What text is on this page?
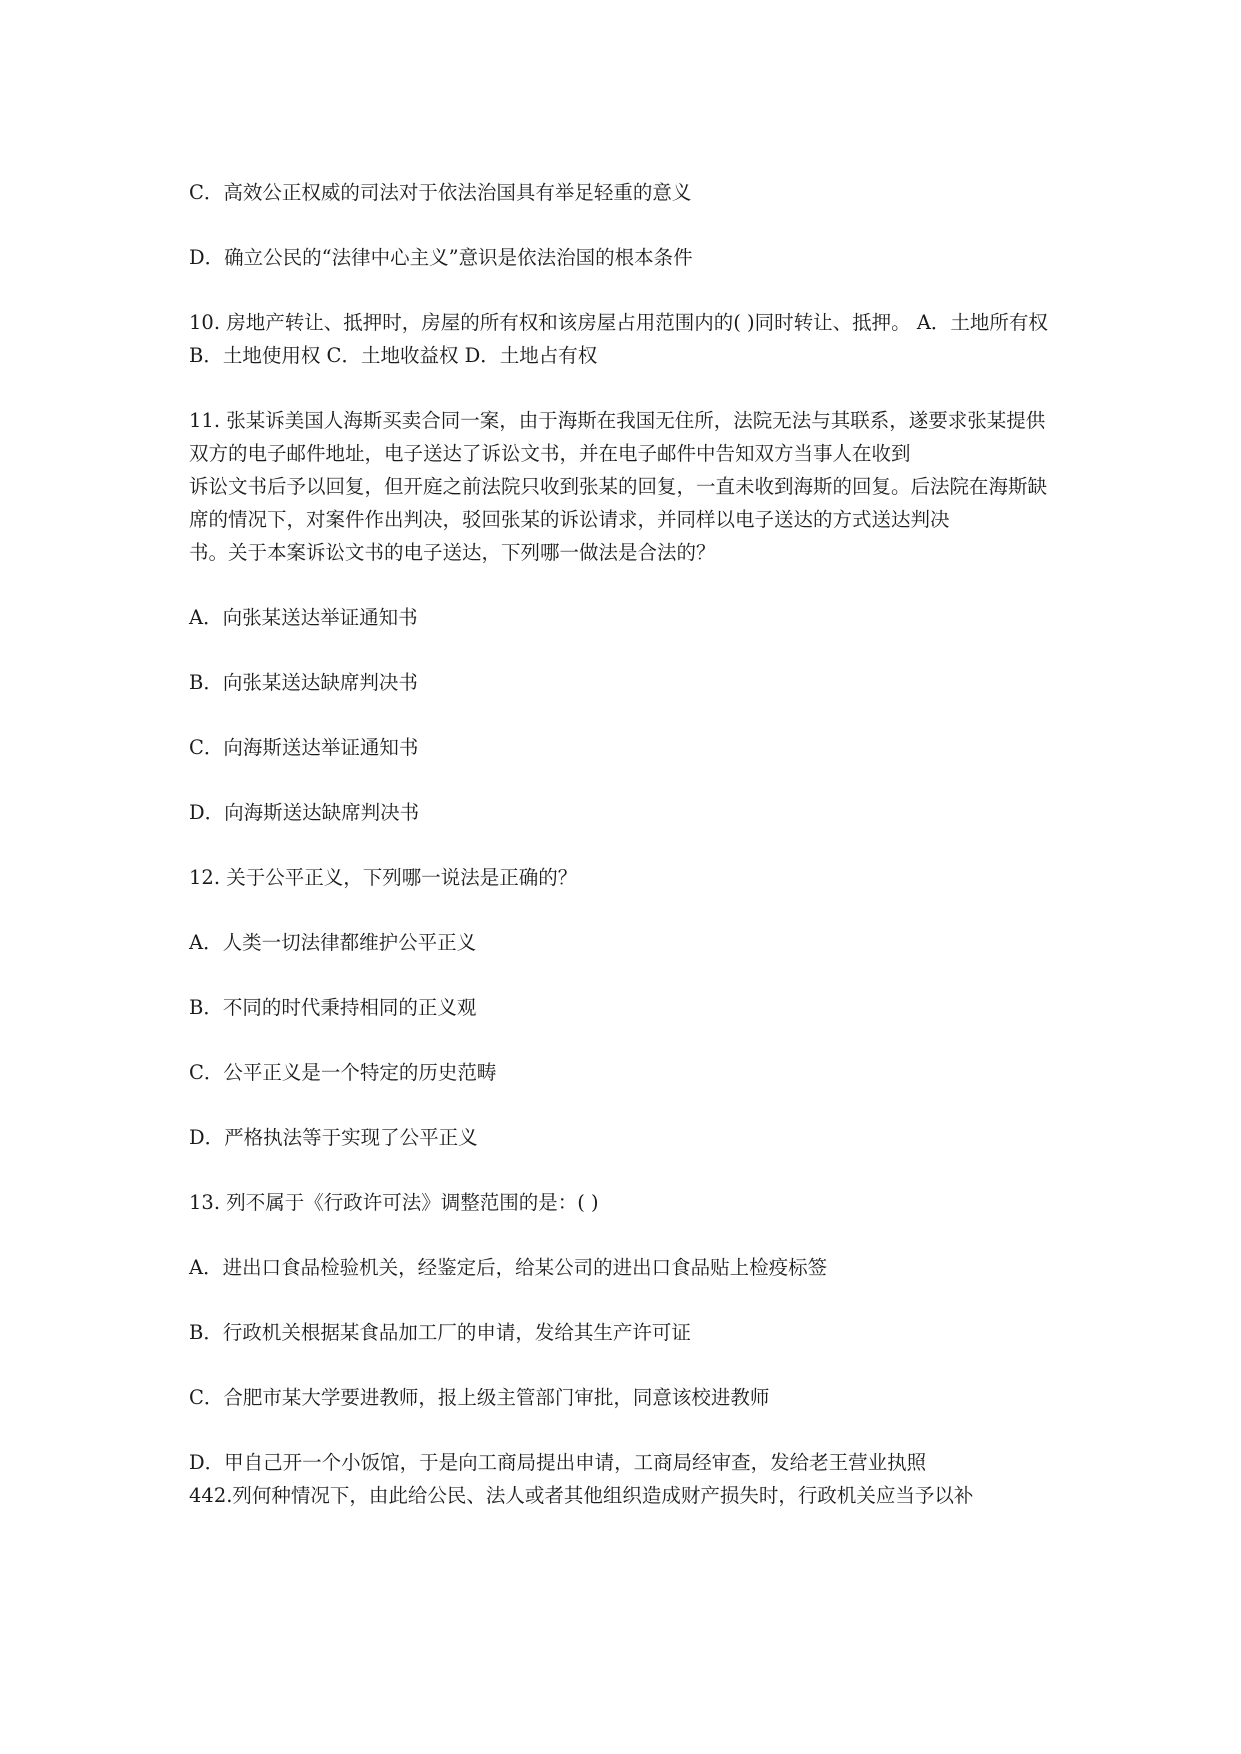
C．高效公正权威的司法对于依法治国具有举足轻重的意义

D．确立公民的“法律中心主义”意识是依法治国的根本条件

10. 房地产转让、抵押时，房屋的所有权和该房屋占用范围内的( )同时转让、抵押。 A．土地所有权 B．土地使用权 C．土地收益权 D．土地占有权

11. 张某诉美国人海斯买卖合同一案，由于海斯在我国无住所，法院无法与其联系，遂要求张某提供双方的电子邮件地址，电子送达了诉讼文书，并在电子邮件中告知双方当事人在收到
诉讼文书后予以回复，但开庭之前法院只收到张某的回复，一直未收到海斯的回复。后法院在海斯缺席的情况下，对案件作出判决，驳回张某的诉讼请求，并同样以电子送达的方式送达判决
书。关于本案诉讼文书的电子送达，下列哪一做法是合法的？

A．向张某送达举证通知书

B．向张某送达缺席判决书

C．向海斯送达举证通知书

D．向海斯送达缺席判决书

12. 关于公平正义，下列哪一说法是正确的？

A．人类一切法律都维护公平正义

B．不同的时代秉持相同的正义观

C．公平正义是一个特定的历史范畴

D．严格执法等于实现了公平正义

13. 列不属于《行政许可法》调整范围的是：( )

A．进出口食品检验机关，经鉴定后，给某公司的进出口食品贴上检疫标签

B．行政机关根据某食品加工厂的申请，发给其生产许可证

C．合肥市某大学要进教师，报上级主管部门审批，同意该校进教师

D．甲自己开一个小饭馆，于是向工商局提出申请，工商局经审查，发给老王营业执照

442.列何种情况下，由此给公民、法人或者其他组织造成财产损失时，行政机关应当予以补
